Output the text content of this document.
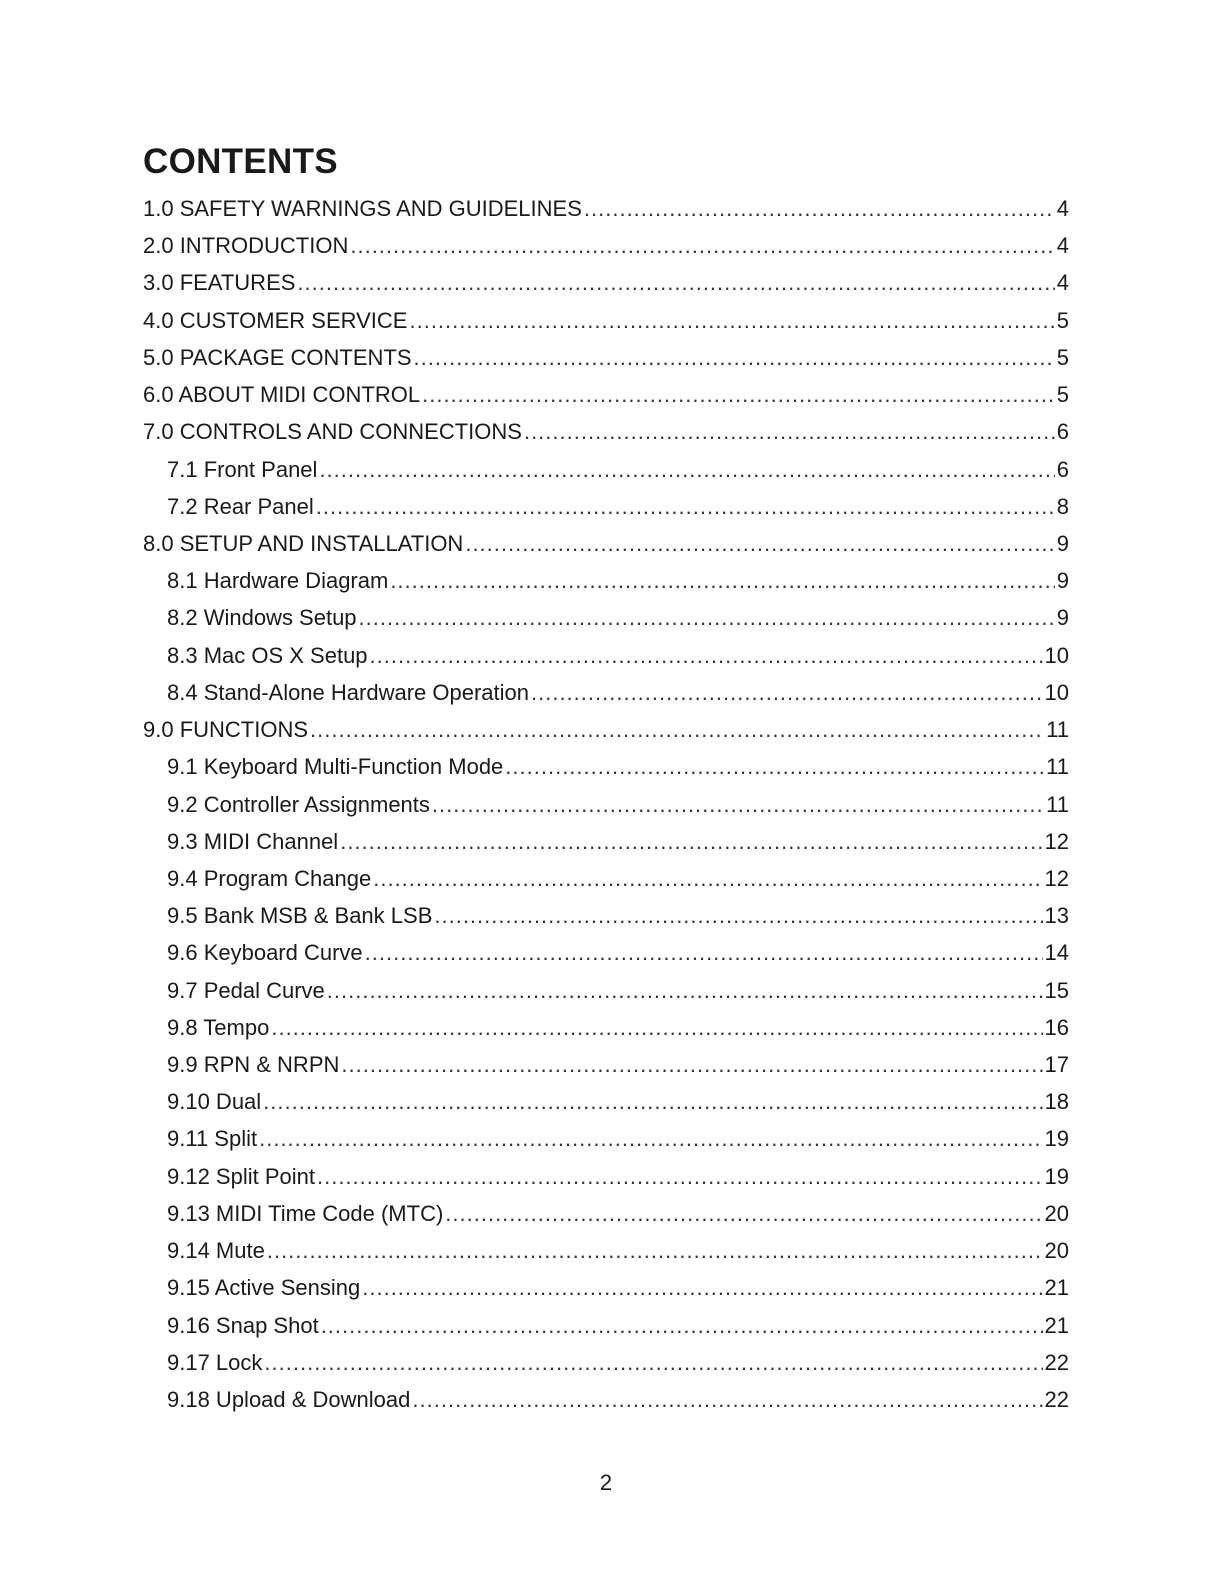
CONTENTS
1.0 SAFETY WARNINGS AND GUIDELINES .....	4
2.0 INTRODUCTION .....	4
3.0 FEATURES .....	4
4.0 CUSTOMER SERVICE .....	5
5.0 PACKAGE CONTENTS .....	5
6.0 ABOUT MIDI CONTROL .....	5
7.0 CONTROLS AND CONNECTIONS .....	6
7.1 Front Panel .....	6
7.2 Rear Panel .....	8
8.0 SETUP AND INSTALLATION .....	9
8.1 Hardware Diagram .....	9
8.2 Windows Setup .....	9
8.3 Mac OS X Setup .....	10
8.4 Stand-Alone Hardware Operation .....	10
9.0 FUNCTIONS .....	11
9.1 Keyboard Multi-Function Mode .....	11
9.2 Controller Assignments .....	11
9.3 MIDI Channel .....	12
9.4 Program Change .....	12
9.5 Bank MSB & Bank LSB .....	13
9.6 Keyboard Curve .....	14
9.7 Pedal Curve .....	15
9.8 Tempo .....	16
9.9 RPN & NRPN .....	17
9.10 Dual .....	18
9.11 Split .....	19
9.12 Split Point .....	19
9.13 MIDI Time Code (MTC) .....	20
9.14 Mute .....	20
9.15 Active Sensing .....	21
9.16 Snap Shot .....	21
9.17 Lock .....	22
9.18 Upload & Download .....	22
2
